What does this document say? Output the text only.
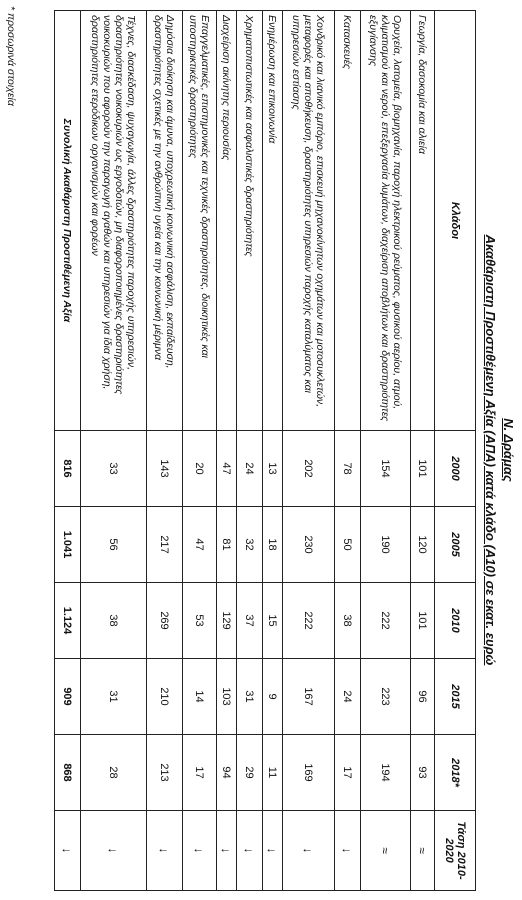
Ν. Δράμας
Ακαθάριστη Προστιθέμενη Αξία (ΑΠΑ) κατά κλάδο (Α10) σε εκατ. ευρώ
Κλάδοι	2000	2005	2010	2015	2018*	Τάση 2010-2020
Γεωργία, δασοκομία και αλιεία	101	120	101	96	93	≈
Ορυχεία, λατομεία, βιομηχανία, παροχή ηλεκτρικού ρεύματος, φυσικού αερίου, ατμού, κλιματισμού και νερού, επεξεργασία λυμάτων, διαχείριση αποβλήτων και δραστηριότητες εξυγίανσης	154	190	222	223	194	≈
Κατασκευές	78	50	38	24	17	↓
Χονδρικό και λιανικό εμπόριο, επισκευή μηχανοκίνητων οχημάτων και μοτοσυκλετών, μεταφορές και αποθήκευση, δραστηριότητες υπηρεσιών παροχής καταλύματος και υπηρεσιών εστίασης	202	230	222	167	169	↓
Ενημέρωση και επικοινωνία	13	18	15	9	11	↓
Χρηματοπιστωτικές και ασφαλιστικές δραστηριότητες	24	32	37	31	29	↓
Διαχείριση ακίνητης περιουσίας	47	81	129	103	94	↓
Επαγγελματικές, επιστημονικές και τεχνικές δραστηριότητες, διοικητικές και υποστηρικτικές δραστηριότητες	20	47	53	14	17	↓
Δημόσια διοίκηση και άμυνα, υποχρεωτική κοινωνική ασφάλιση, εκπαίδευση, δραστηριότητες σχετικές με την ανθρώπινη υγεία και την κοινωνική μέριμνα	143	217	269	210	213	↓
Τέχνες, διασκέδαση, ψυχαγωγία, άλλες δραστηριότητες παροχής υπηρεσιών, δραστηριότητες νοικοκυριών ως εργοδοτών, μη διαφοροποιημένες δραστηριότητες νοικοκυριών που αφορούν την παραγωγή αγαθών και υπηρεσιών για ίδια χρήση, δραστηριότητες ετερόδικων οργανισμών και φορέων	33	56	38	31	28	↓
Συνολική Ακαθάριστη Προστιθέμενη Αξία	816	1.041	1.124	909	868	↓
* προσωρινά στοιχεία
